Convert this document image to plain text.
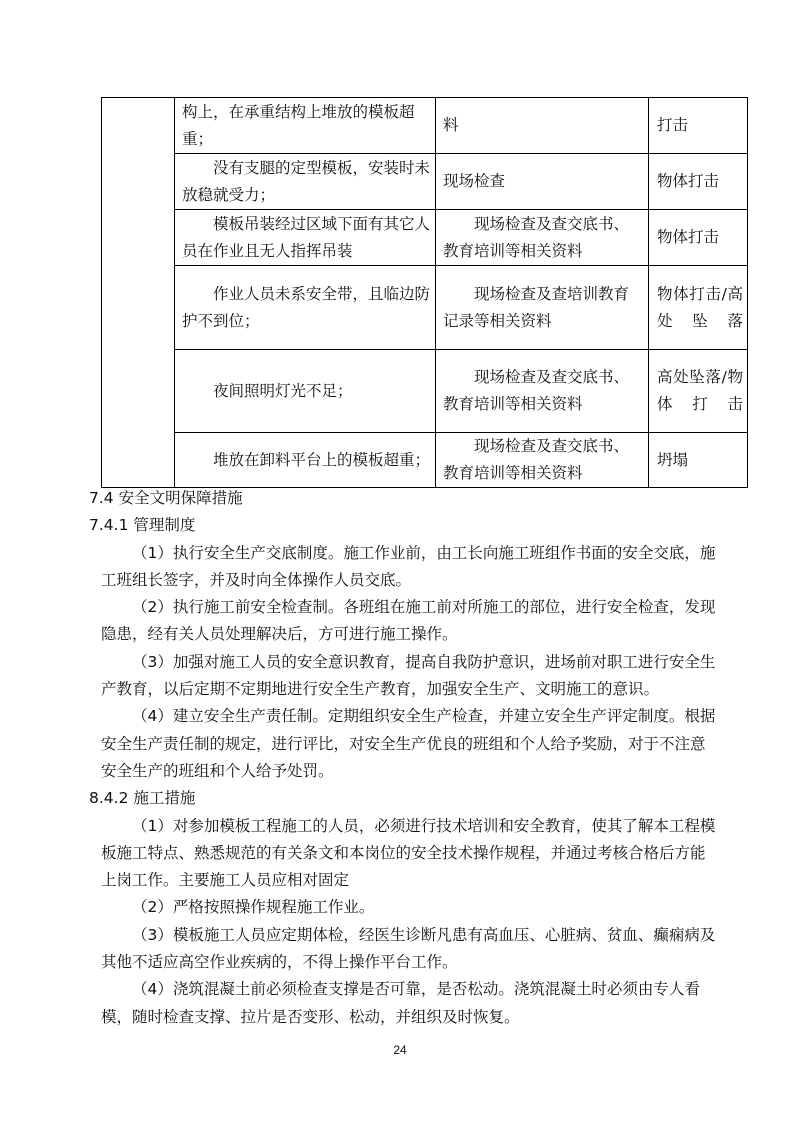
	构上，在承重结构上堆放的模板超重；	料	打击
	没有支腿的定型模板，安装时未放稳就受力；	现场检查	物体打击
	模板吊装经过区域下面有其它人员在作业且无人指挥吊装	现场检查及查交底书、教育培训等相关资料	物体打击
	作业人员未系安全带，且临边防护不到位；	现场检查及查培训教育记录等相关资料	物体打击/高处坠落
	夜间照明灯光不足；	现场检查及查交底书、教育培训等相关资料	高处坠落/物体打击
	堆放在卸料平台上的模板超重；	现场检查及查交底书、教育培训等相关资料	坍塌

7.4 安全文明保障措施

7.4.1 管理制度

（1）执行安全生产交底制度。施工作业前，由工长向施工班组作书面的安全交底，施工班组长签字，并及时向全体操作人员交底。

（2）执行施工前安全检查制。各班组在施工前对所施工的部位，进行安全检查，发现隐患，经有关人员处理解决后，方可进行施工操作。

（3）加强对施工人员的安全意识教育，提高自我防护意识，进场前对职工进行安全生产教育，以后定期不定期地进行安全生产教育，加强安全生产、文明施工的意识。

（4）建立安全生产责任制。定期组织安全生产检查，并建立安全生产评定制度。根据安全生产责任制的规定，进行评比，对安全生产优良的班组和个人给予奖励，对于不注意安全生产的班组和个人给予处罚。

8.4.2 施工措施

（1）对参加模板工程施工的人员，必须进行技术培训和安全教育，使其了解本工程模板施工特点、熟悉规范的有关条文和本岗位的安全技术操作规程，并通过考核合格后方能上岗工作。主要施工人员应相对固定

（2）严格按照操作规程施工作业。

（3）模板施工人员应定期体检，经医生诊断凡患有高血压、心脏病、贫血、癫痫病及其他不适应高空作业疾病的，不得上操作平台工作。

（4）浇筑混凝土前必须检查支撑是否可靠，是否松动。浇筑混凝土时必须由专人看模，随时检查支撑、拉片是否变形、松动，并组织及时恢复。

24
